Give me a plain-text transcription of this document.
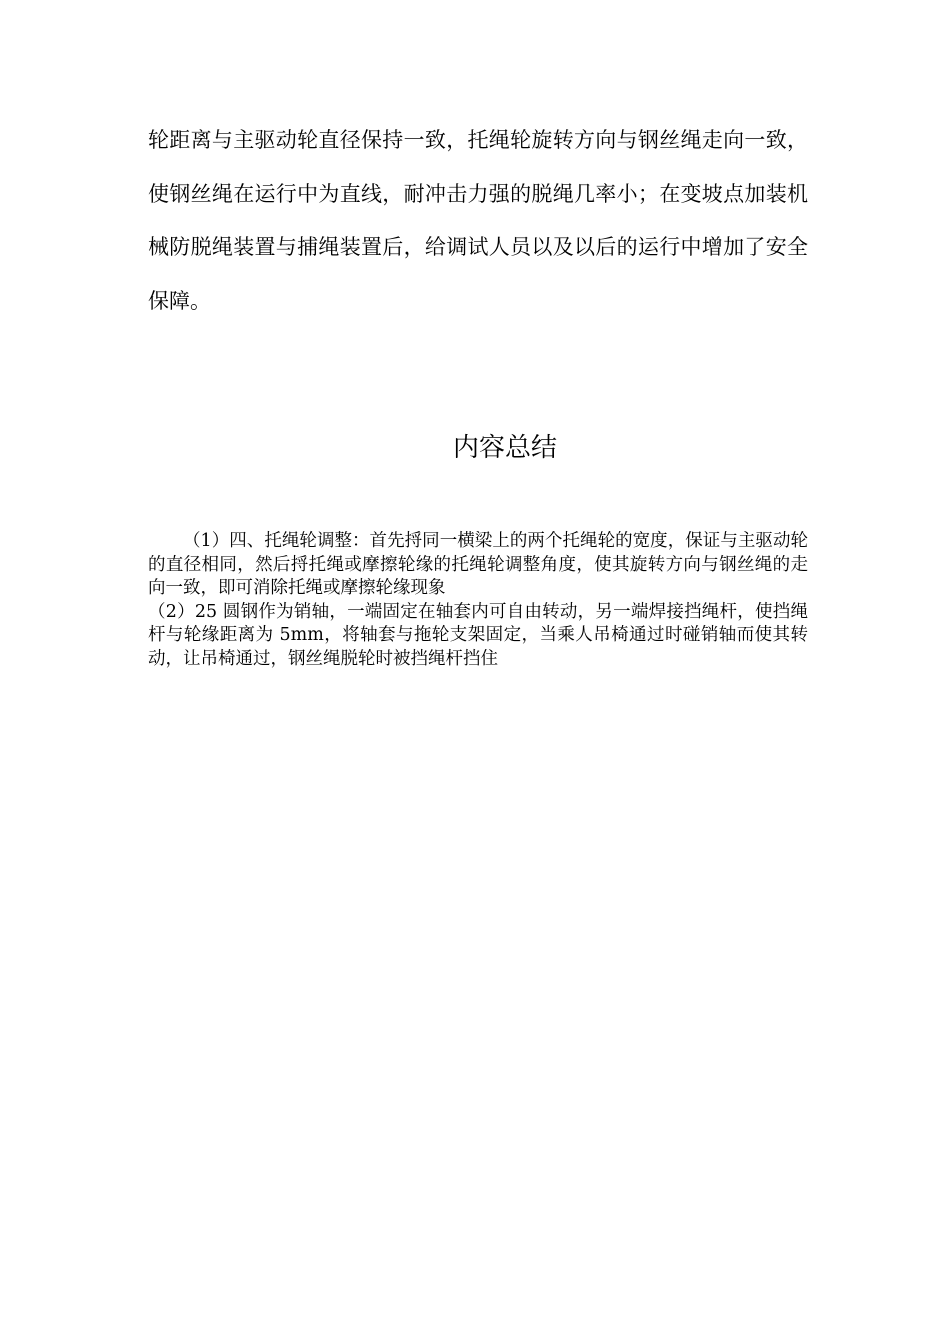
轮距离与主驱动轮直径保持一致，托绳轮旋转方向与钢丝绳走向一致，使钢丝绳在运行中为直线，耐冲击力强的脱绳几率小；在变坡点加装机械防脱绳装置与捕绳装置后，给调试人员以及以后的运行中增加了安全保障。

内容总结

（1）四、托绳轮调整：首先捋同一横梁上的两个托绳轮的宽度，保证与主驱动轮的直径相同，然后捋托绳或摩擦轮缘的托绳轮调整角度，使其旋转方向与钢丝绳的走向一致，即可消除托绳或摩擦轮缘现象

（2）25 圆钢作为销轴，一端固定在轴套内可自由转动，另一端焊接挡绳杆，使挡绳杆与轮缘距离为 5mm，将轴套与拖轮支架固定，当乘人吊椅通过时碰销轴而使其转动，让吊椅通过，钢丝绳脱轮时被挡绳杆挡住
